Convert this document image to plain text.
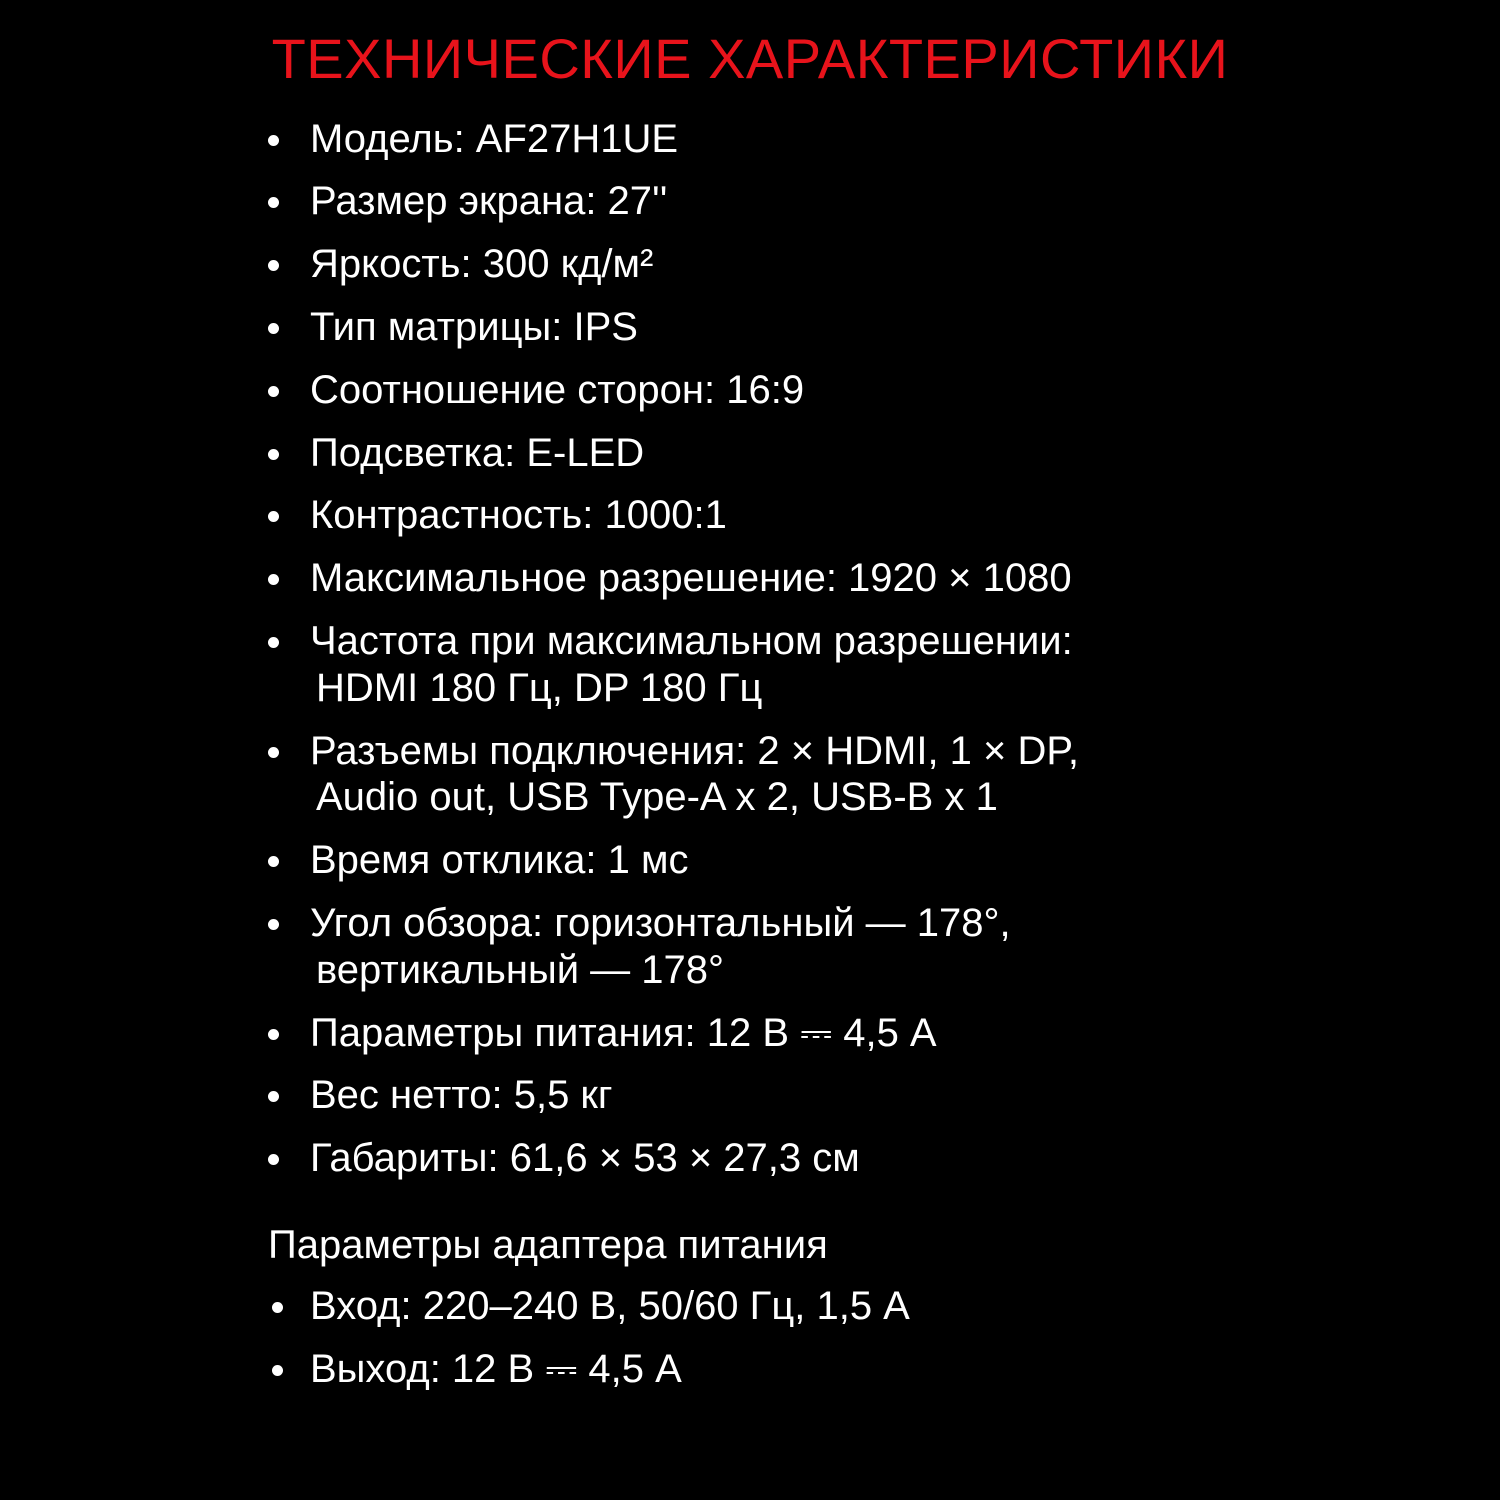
ТЕХНИЧЕСКИЕ ХАРАКТЕРИСТИКИ
Модель: AF27H1UE
Размер экрана: 27''
Яркость: 300 кд/м²
Тип матрицы: IPS
Соотношение сторон: 16:9
Подсветка: E-LED
Контрастность: 1000:1
Максимальное разрешение: 1920 × 1080
Частота при максимальном разрешении:
HDMI 180 Гц, DP 180 Гц
Разъемы подключения: 2 × HDMI, 1 × DP,
Audio out, USB Type-A x 2, USB-B x 1
Время отклика: 1 мс
Угол обзора: горизонтальный — 178°,
вертикальный — 178°
Параметры питания: 12 В ⎓ 4,5 А
Вес нетто: 5,5 кг
Габариты: 61,6 × 53 × 27,3 см
Параметры адаптера питания
Вход: 220–240 В, 50/60 Гц, 1,5 А
Выход: 12 В ⎓ 4,5 А
